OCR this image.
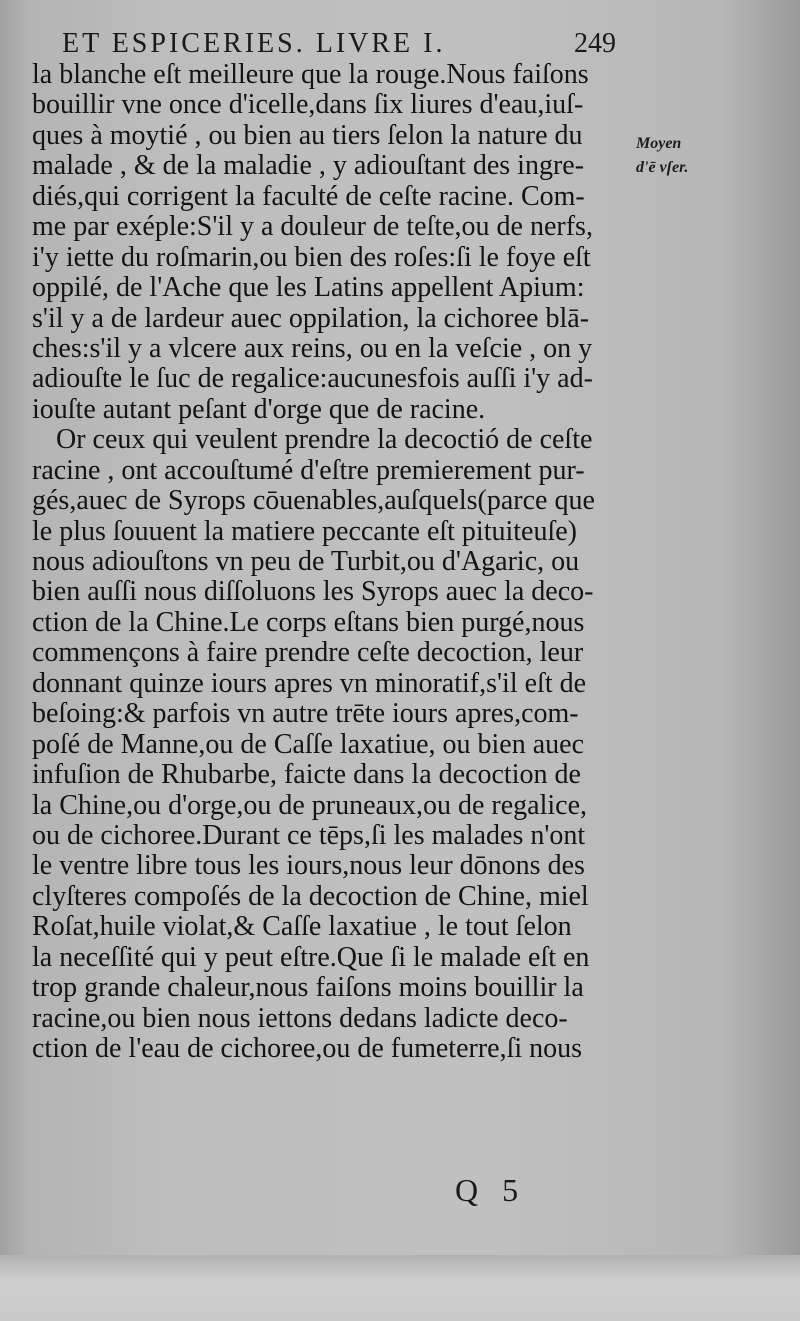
ET ESPICERIES. LIVRE I.	249
la blanche eſt meilleure que la rouge.Nous faiſons
bouillir vne once d'icelle,dans ſix liures d'eau,iuſ-
ques à moytié , ou bien au tiers ſelon la nature du
malade , & de la maladie , y adiouſtant des ingre-
diés,qui corrigent la faculté de ceſte racine. Com-
me par exéple:S'il y a douleur de teſte,ou de nerfs,
i'y iette du roſmarin,ou bien des roſes:ſi le foye eſt
oppilé, de l'Ache que les Latins appellent Apium:
s'il y a de lardeur auec oppilation, la cichoree blā-
ches:s'il y a vlcere aux reins, ou en la veſcie , on y
adiouſte le ſuc de regalice:aucunesfois auſſi i'y ad-
iouſte autant peſant d'orge que de racine.
Or ceux qui veulent prendre la decoctió de ceſte
racine , ont accouſtumé d'eſtre premierement pur-
gés,auec de Syrops cōuenables,auſquels(parce que
le plus ſouuent la matiere peccante eſt pituiteuſe)
nous adiouſtons vn peu de Turbit,ou d'Agaric, ou
bien auſſi nous diſſoluons les Syrops auec la deco-
ction de la Chine.Le corps eſtans bien purgé,nous
commençons à faire prendre ceſte decoction, leur
donnant quinze iours apres vn minoratif,s'il eſt de
beſoing:& parfois vn autre trēte iours apres,com-
poſé de Manne,ou de Caſſe laxatiue, ou bien auec
infuſion de Rhubarbe, faicte dans la decoction de
la Chine,ou d'orge,ou de pruneaux,ou de regalice,
ou de cichoree.Durant ce tēps,ſi les malades n'ont
le ventre libre tous les iours,nous leur dōnons des
clyſteres compoſés de la decoction de Chine, miel
Roſat,huile violat,& Caſſe laxatiue , le tout ſelon
la neceſſité qui y peut eſtre.Que ſi le malade eſt en
trop grande chaleur,nous faiſons moins bouillir la
racine,ou bien nous iettons dedans ladicte deco-
ction de l'eau de cichoree,ou de fumeterre,ſi nous
Moyen
d'ē vſer.
Q 5
